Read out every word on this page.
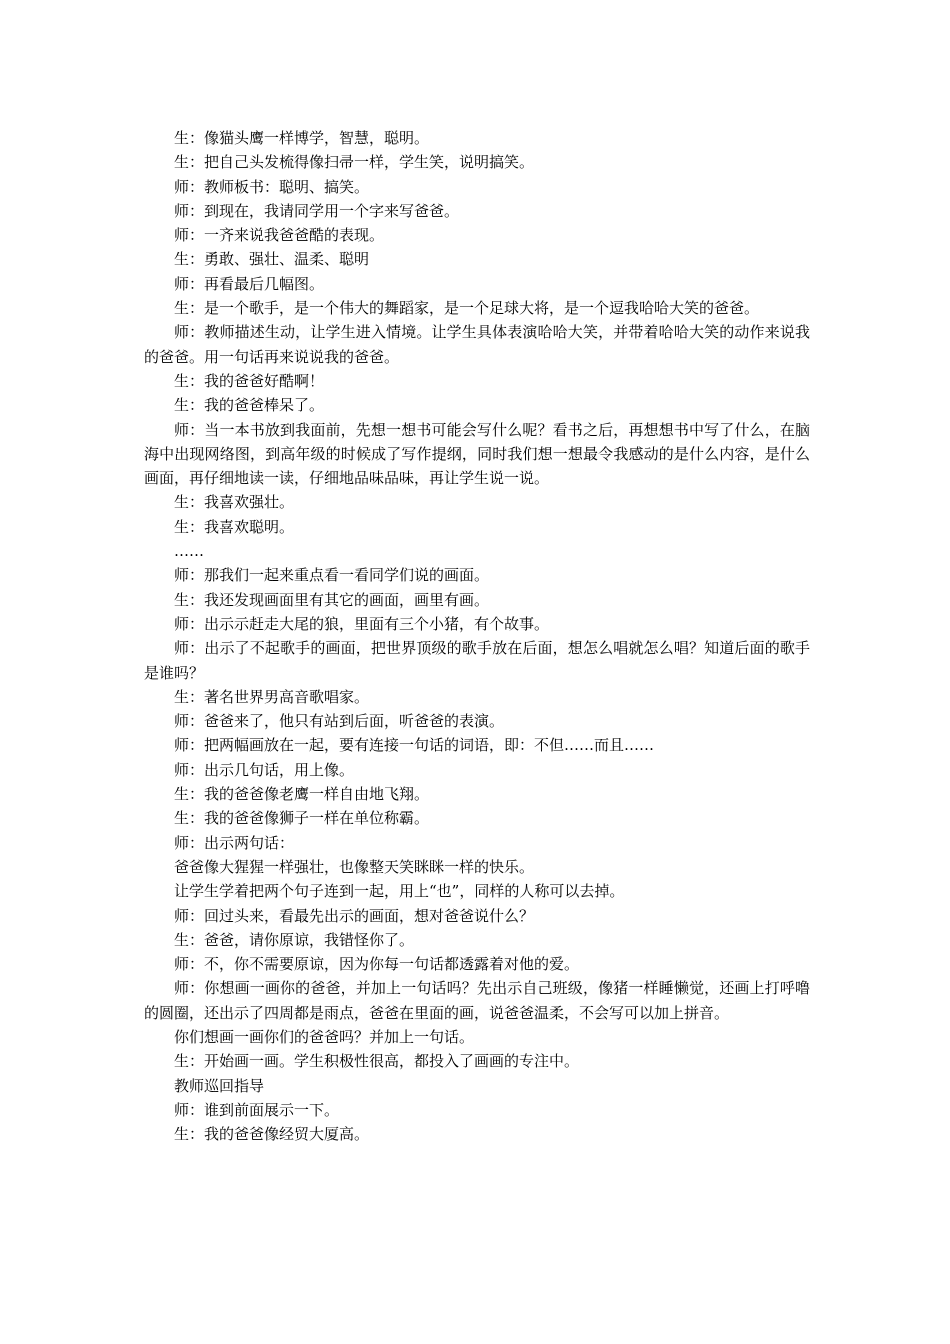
生：像猫头鹰一样博学，智慧，聪明。

生：把自己头发梳得像扫帚一样，学生笑，说明搞笑。

师：教师板书：聪明、搞笑。

师：到现在，我请同学用一个字来写爸爸。

师：一齐来说我爸爸酷的表现。

生：勇敢、强壮、温柔、聪明

师：再看最后几幅图。

生：是一个歌手，是一个伟大的舞蹈家，是一个足球大将，是一个逗我哈哈大笑的爸爸。

师：教师描述生动，让学生进入情境。让学生具体表演哈哈大笑，并带着哈哈大笑的动作来说我的爸爸。用一句话再来说说我的爸爸。

生：我的爸爸好酷啊！

生：我的爸爸棒呆了。

师：当一本书放到我面前，先想一想书可能会写什么呢？看书之后，再想想书中写了什么，在脑海中出现网络图，到高年级的时候成了写作提纲，同时我们想一想最令我感动的是什么内容，是什么画面，再仔细地读一读，仔细地品味品味，再让学生说一说。

生：我喜欢强壮。

生：我喜欢聪明。

……

师：那我们一起来重点看一看同学们说的画面。

生：我还发现画面里有其它的画面，画里有画。

师：出示示赶走大尾的狼，里面有三个小猪，有个故事。

师：出示了不起歌手的画面，把世界顶级的歌手放在后面，想怎么唱就怎么唱？知道后面的歌手是谁吗？

生：著名世界男高音歌唱家。

师：爸爸来了，他只有站到后面，听爸爸的表演。

师：把两幅画放在一起，要有连接一句话的词语，即：不但……而且……

师：出示几句话，用上像。

生：我的爸爸像老鹰一样自由地飞翔。

生：我的爸爸像狮子一样在单位称霸。

师：出示两句话：

爸爸像大猩猩一样强壮，也像整天笑眯眯一样的快乐。

让学生学着把两个句子连到一起，用上“也”，同样的人称可以去掉。

师：回过头来，看最先出示的画面，想对爸爸说什么？

生：爸爸，请你原谅，我错怪你了。

师：不，你不需要原谅，因为你每一句话都透露着对他的爱。

师：你想画一画你的爸爸，并加上一句话吗？先出示自己班级，像猪一样睡懒觉，还画上打呼噜的圆圈，还出示了四周都是雨点，爸爸在里面的画，说爸爸温柔，不会写可以加上拼音。

你们想画一画你们的爸爸吗？并加上一句话。

生：开始画一画。学生积极性很高，都投入了画画的专注中。

教师巡回指导

师：谁到前面展示一下。

生：我的爸爸像经贸大厦高。
